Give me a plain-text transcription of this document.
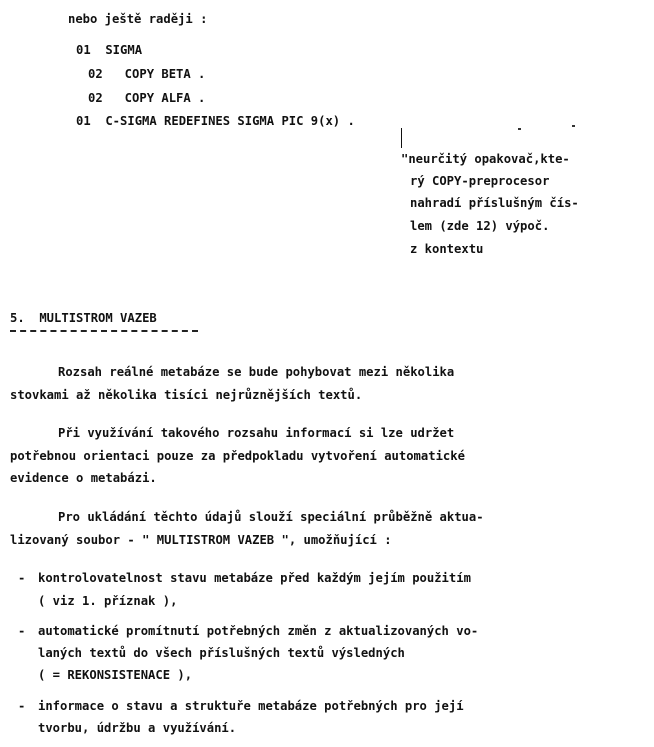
nebo ještě raději :
01  SIGMA
02   COPY BETA .
02   COPY ALFA .
01  C-SIGMA REDEFINES SIGMA PIC 9(x) .
"neurčitý opakovač,kte-
rý COPY-preprocesor
nahradí příslušným čís-
lem (zde 12) výpoč.
z kontextu
5.  MULTISTROM VAZEB
Rozsah reálné metabáze se bude pohybovat mezi několika
stovkami až několika tisíci nejrůznějších textů.
Při využívání takového rozsahu informací si lze udržet
potřebnou orientaci pouze za předpokladu vytvoření automatické
evidence o metabázi.
Pro ukládání těchto údajů slouží speciální průběžně aktua-
lizovaný soubor - " MULTISTROM VAZEB ", umožňující :
- kontrolovatelnost stavu metabáze před každým jejím použitím
( viz 1. příznak ),
- automatické promítnutí potřebných změn z aktualizovaných vo-
laných textů do všech příslušných textů výsledných
( = REKONSISTENACE ),
- informace o stavu a struktuře metabáze potřebných pro její
tvorbu, údržbu a využívání.
